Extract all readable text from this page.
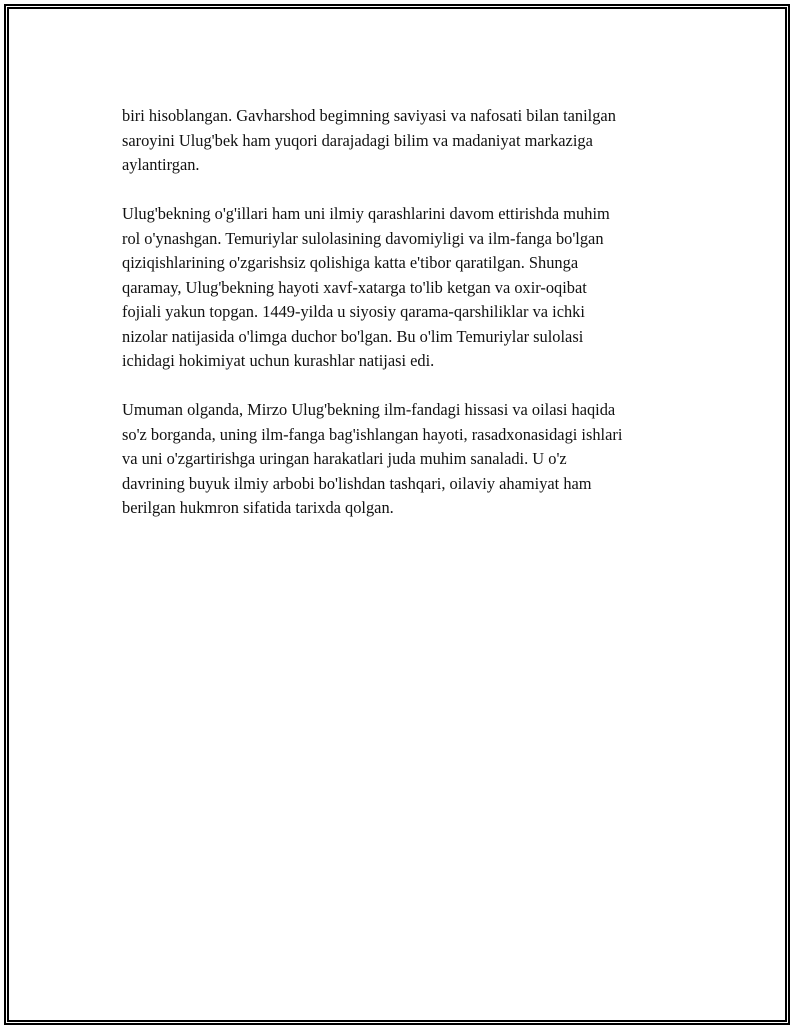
biri hisoblangan. Gavharshod begimning saviyasi va nafosati bilan tanilgan
saroyini Ulug'bek ham yuqori darajadagi bilim va madaniyat markaziga
aylantirgan.

Ulug'bekning o'g'illari ham uni ilmiy qarashlarini davom ettirishda muhim
rol o'ynashgan. Temuriylar sulolasining davomiyligi va ilm-fanga bo'lgan
qiziqishlarining o'zgarishsiz qolishiga katta e'tibor qaratilgan. Shunga
qaramay, Ulug'bekning hayoti xavf-xatarga to'lib ketgan va oxir-oqibat
fojiali yakun topgan. 1449-yilda u siyosiy qarama-qarshiliklar va ichki
nizolar natijasida o'limga duchor bo'lgan. Bu o'lim Temuriylar sulolasi
ichidagi hokimiyat uchun kurashlar natijasi edi.

Umuman olganda, Mirzo Ulug'bekning ilm-fandagi hissasi va oilasi haqida
so'z borganda, uning ilm-fanga bag'ishlangan hayoti, rasadxonasidagi ishlari
va uni o'zgartirishga uringan harakatlari juda muhim sanaladi. U o'z
davrining buyuk ilmiy arbobi bo'lishdan tashqari, oilaviy ahamiyat ham
berilgan hukmron sifatida tarixda qolgan.
